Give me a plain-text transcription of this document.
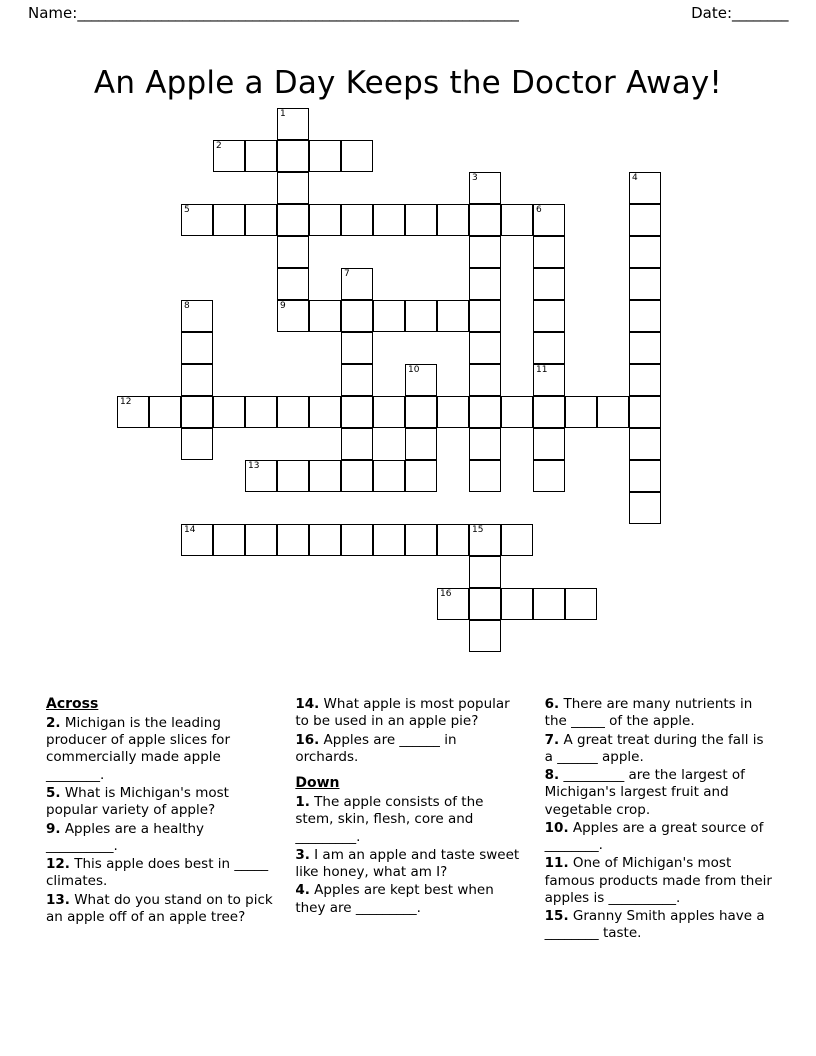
Name: _______________________________________________________________	Date: ________
An Apple a Day Keeps the Doctor Away!
1
2
3	4
5	6
7
8	9
10	11
12
13
14	15
16
Across

2. Michigan is the leading producer of apple slices for commercially made apple ________.

5. What is Michigan's most popular variety of apple?

9. Apples are a healthy __________.

12. This apple does best in _____ climates.

13. What do you stand on to pick an apple off of an apple tree?

14. What apple is most popular to be used in an apple pie?

16. Apples are ______ in orchards.

Down

1. The apple consists of the stem, skin, flesh, core and _________.

3. I am an apple and taste sweet like honey, what am I?

4. Apples are kept best when they are _________.

6. There are many nutrients in the _____ of the apple.

7. A great treat during the fall is a ______ apple.

8. _________ are the largest of Michigan's largest fruit and vegetable crop.

10. Apples are a great source of ________.

11. One of Michigan's most famous products made from their apples is __________.

15. Granny Smith apples have a ________ taste.
